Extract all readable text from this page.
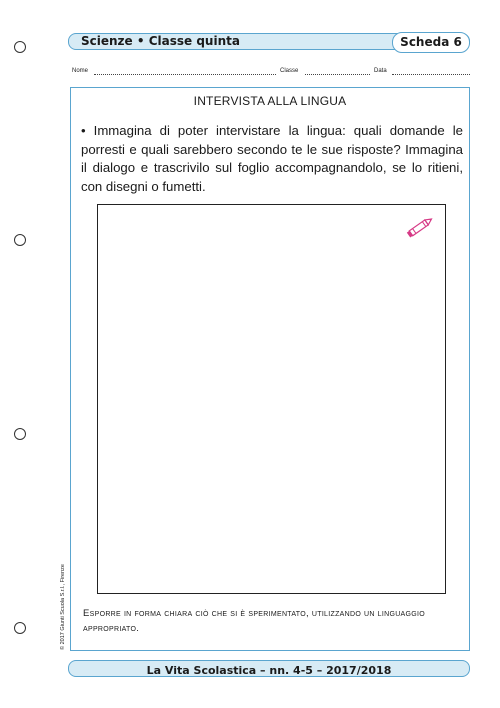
Scienze • Classe quinta	Scheda 6
Nome	Classe	Data
INTERVISTA ALLA LINGUA
• Immagina di poter intervistare la lingua: quali domande le porresti e quali sarebbero secondo te le sue risposte? Immagina il dialogo e trascrivilo sul foglio accompagnandolo, se lo ritieni, con disegni o fumetti.
Esporre in forma chiara ciò che si è sperimentato, utilizzando un linguaggio appropriato.
© 2017 Giunti Scuola S.r.l., Firenze
La Vita Scolastica – nn. 4-5 – 2017/2018
